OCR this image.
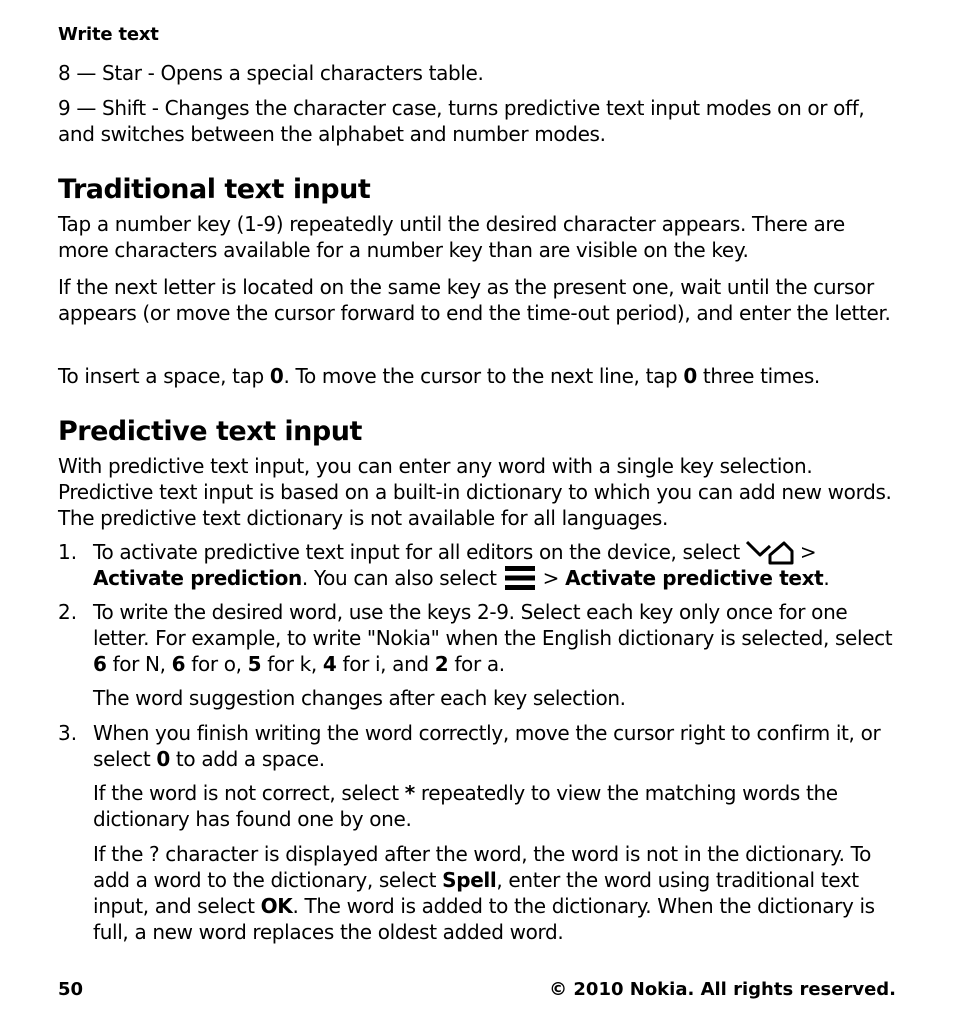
Write text

8 — Star - Opens a special characters table.

9 — Shift - Changes the character case, turns predictive text input modes on or off, and switches between the alphabet and number modes.

Traditional text input

Tap a number key (1-9) repeatedly until the desired character appears. There are more characters available for a number key than are visible on the key.

If the next letter is located on the same key as the present one, wait until the cursor appears (or move the cursor forward to end the time-out period), and enter the letter.

To insert a space, tap 0. To move the cursor to the next line, tap 0 three times.

Predictive text input

With predictive text input, you can enter any word with a single key selection. Predictive text input is based on a built-in dictionary to which you can add new words. The predictive text dictionary is not available for all languages.

1. To activate predictive text input for all editors on the device, select  >
Activate prediction. You can also select  > Activate predictive text.

2. To write the desired word, use the keys 2-9. Select each key only once for one letter. For example, to write "Nokia" when the English dictionary is selected, select 6 for N, 6 for o, 5 for k, 4 for i, and 2 for a.

The word suggestion changes after each key selection.

3. When you finish writing the word correctly, move the cursor right to confirm it, or select 0 to add a space.

If the word is not correct, select * repeatedly to view the matching words the dictionary has found one by one.

If the ? character is displayed after the word, the word is not in the dictionary. To add a word to the dictionary, select Spell, enter the word using traditional text input, and select OK. The word is added to the dictionary. When the dictionary is full, a new word replaces the oldest added word.

50	© 2010 Nokia. All rights reserved.
